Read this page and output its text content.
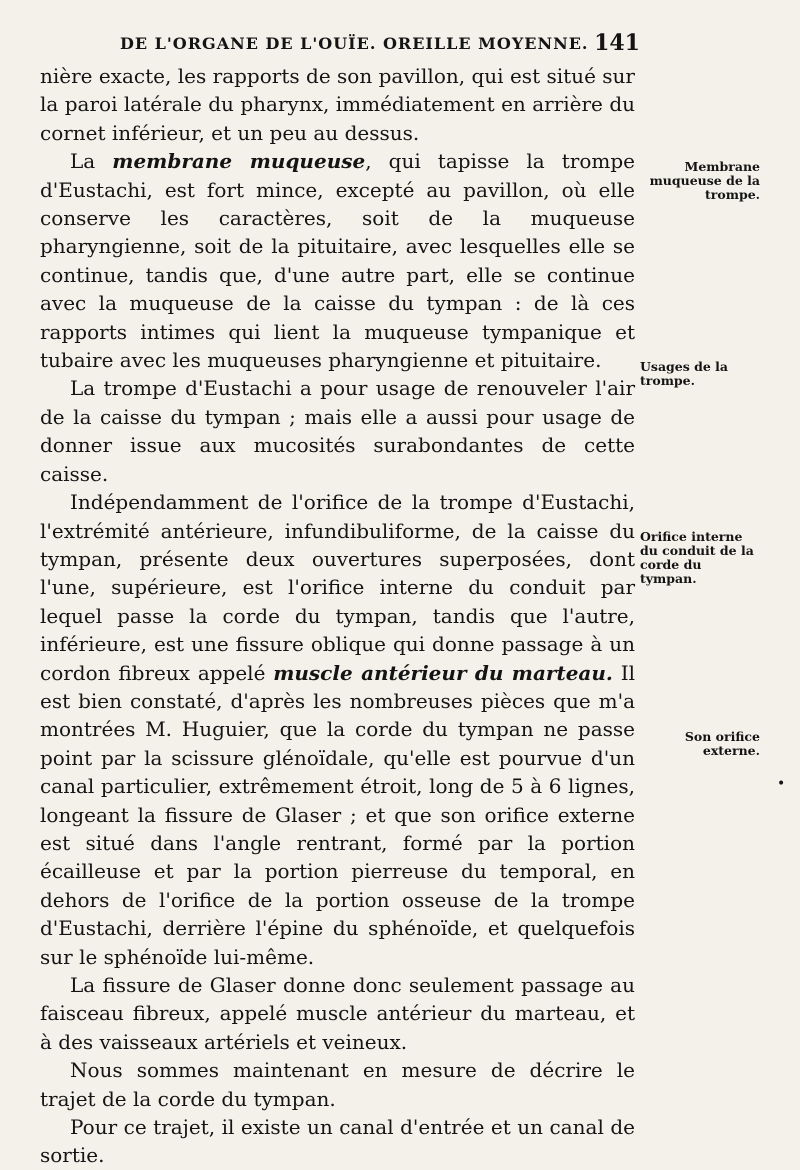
DE L'ORGANE DE L'OUÏE. OREILLE MOYENNE. 141

nière exacte, les rapports de son pavillon, qui est situé sur la paroi latérale du pharynx, immédiatement en arrière du cornet inférieur, et un peu au dessus.

La membrane muqueuse, qui tapisse la trompe d'Eustachi, est fort mince, excepté au pavillon, où elle conserve les caractères, soit de la muqueuse pharyngienne, soit de la pituitaire, avec lesquelles elle se continue, tandis que, d'une autre part, elle se continue avec la muqueuse de la caisse du tympan : de là ces rapports intimes qui lient la muqueuse tympanique et tubaire avec les muqueuses pharyngienne et pituitaire.

La trompe d'Eustachi a pour usage de renouveler l'air de la caisse du tympan ; mais elle a aussi pour usage de donner issue aux mucosités surabondantes de cette caisse.

Indépendamment de l'orifice de la trompe d'Eustachi, l'extrémité antérieure, infundibuliforme, de la caisse du tympan, présente deux ouvertures superposées, dont l'une, supérieure, est l'orifice interne du conduit par lequel passe la corde du tympan, tandis que l'autre, inférieure, est une fissure oblique qui donne passage à un cordon fibreux appelé muscle antérieur du marteau. Il est bien constaté, d'après les nombreuses pièces que m'a montrées M. Huguier, que la corde du tympan ne passe point par la scissure glénoïdale, qu'elle est pourvue d'un canal particulier, extrêmement étroit, long de 5 à 6 lignes, longeant la fissure de Glaser ; et que son orifice externe est situé dans l'angle rentrant, formé par la portion écailleuse et par la portion pierreuse du temporal, en dehors de l'orifice de la portion osseuse de la trompe d'Eustachi, derrière l'épine du sphénoïde, et quelquefois sur le sphénoïde lui-même.

La fissure de Glaser donne donc seulement passage au faisceau fibreux, appelé muscle antérieur du marteau, et à des vaisseaux artériels et veineux.

Nous sommes maintenant en mesure de décrire le trajet de la corde du tympan.

Pour ce trajet, il existe un canal d'entrée et un canal de sortie.

Membrane muqueuse de la trompe.
Usages de la trompe.
Orifice interne du conduit de la corde du tympan.
Son orifice externe.
•
